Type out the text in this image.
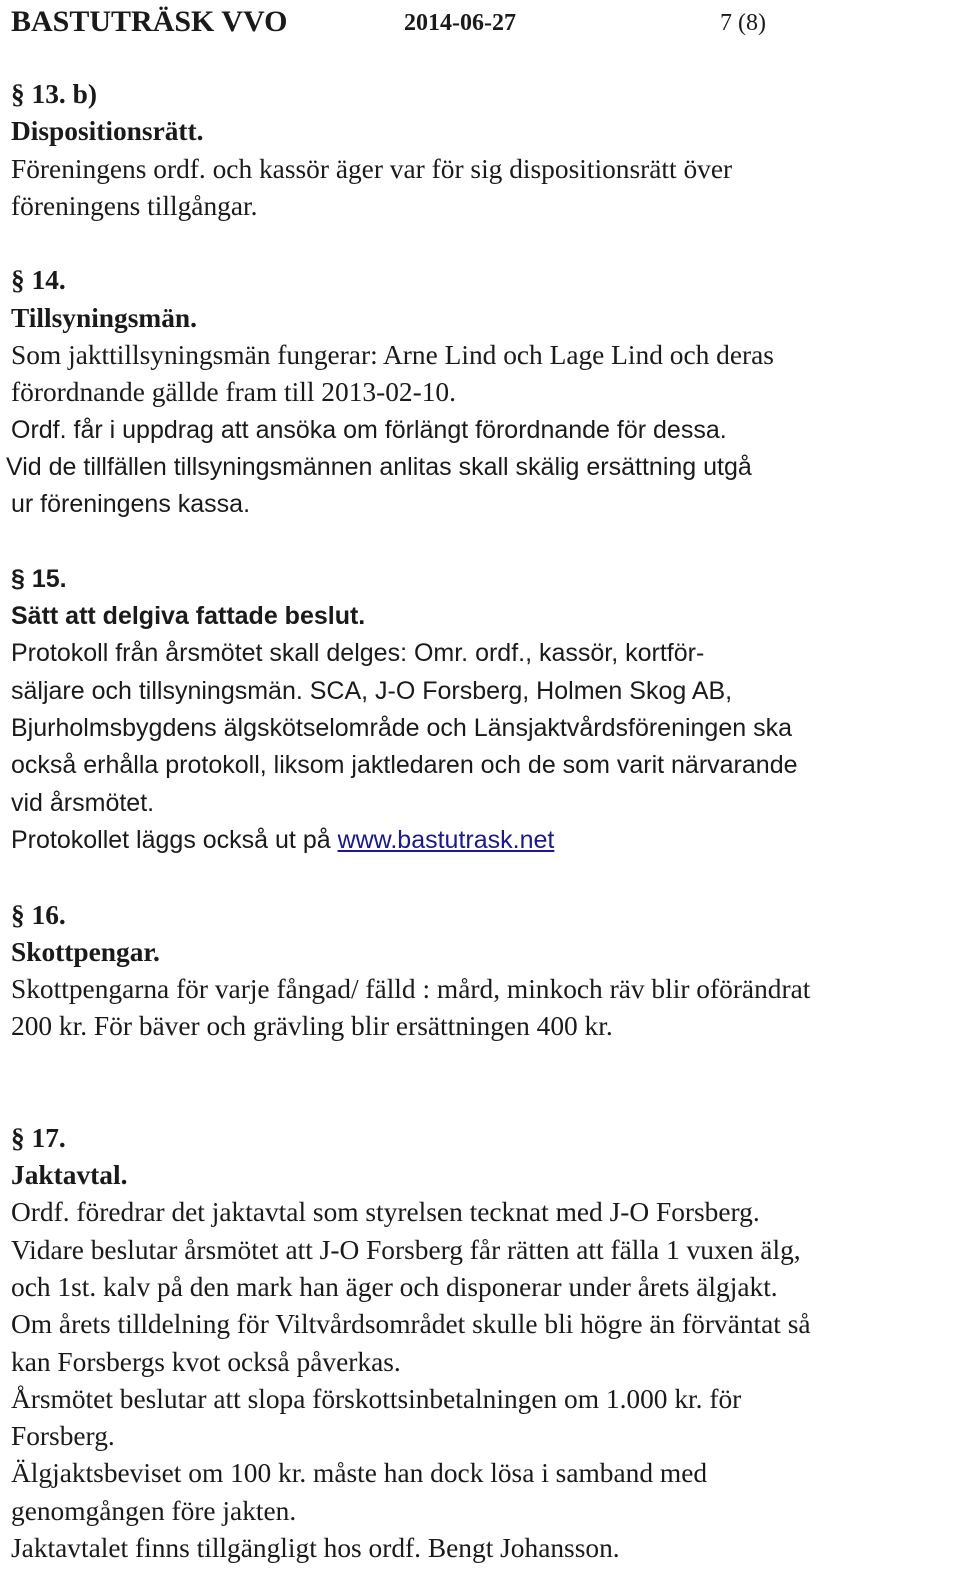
BASTUTRÄSK VVO	2014-06-27	7 (8)
§ 13. b)
Dispositionsrätt.
Föreningens ordf. och kassör äger var för sig dispositionsrätt över
föreningens tillgångar.
§ 14.
Tillsyningsmän.
Som jakttillsyningsmän fungerar: Arne Lind och Lage Lind och deras
förordnande gällde fram till 2013-02-10.
Ordf. får i uppdrag att ansöka om förlängt förordnande för dessa.
Vid de tillfällen tillsyningsmännen anlitas skall skälig ersättning utgå
ur föreningens kassa.
§ 15.
Sätt att delgiva fattade beslut.
Protokoll från årsmötet skall delges: Omr. ordf., kassör, kortför-
säljare och tillsyningsmän. SCA, J-O Forsberg, Holmen Skog AB,
Bjurholmsbygdens älgskötselområde och Länsjaktvårdsföreningen ska
också erhålla protokoll, liksom jaktledaren och de som varit närvarande
vid årsmötet.
Protokollet läggs också ut på www.bastutrask.net
§ 16.
Skottpengar.
Skottpengarna för varje fångad/ fälld : mård, minkoch räv blir oförändrat
200 kr. För bäver och grävling blir ersättningen 400 kr.
§ 17.
Jaktavtal.
Ordf. föredrar det jaktavtal som styrelsen tecknat med J-O Forsberg.
Vidare beslutar årsmötet att J-O Forsberg får rätten att fälla 1 vuxen älg,
och 1st. kalv på den mark han äger och disponerar under årets älgjakt.
Om årets tilldelning för Viltvårdsområdet skulle bli högre än förväntat så
kan Forsbergs kvot också påverkas.
Årsmötet beslutar att slopa förskottsinbetalningen om 1.000 kr. för
Forsberg.
Älgjaktsbeviset om 100 kr. måste han dock lösa i samband med
genomgången före jakten.
Jaktavtalet finns tillgängligt hos ordf. Bengt Johansson.
